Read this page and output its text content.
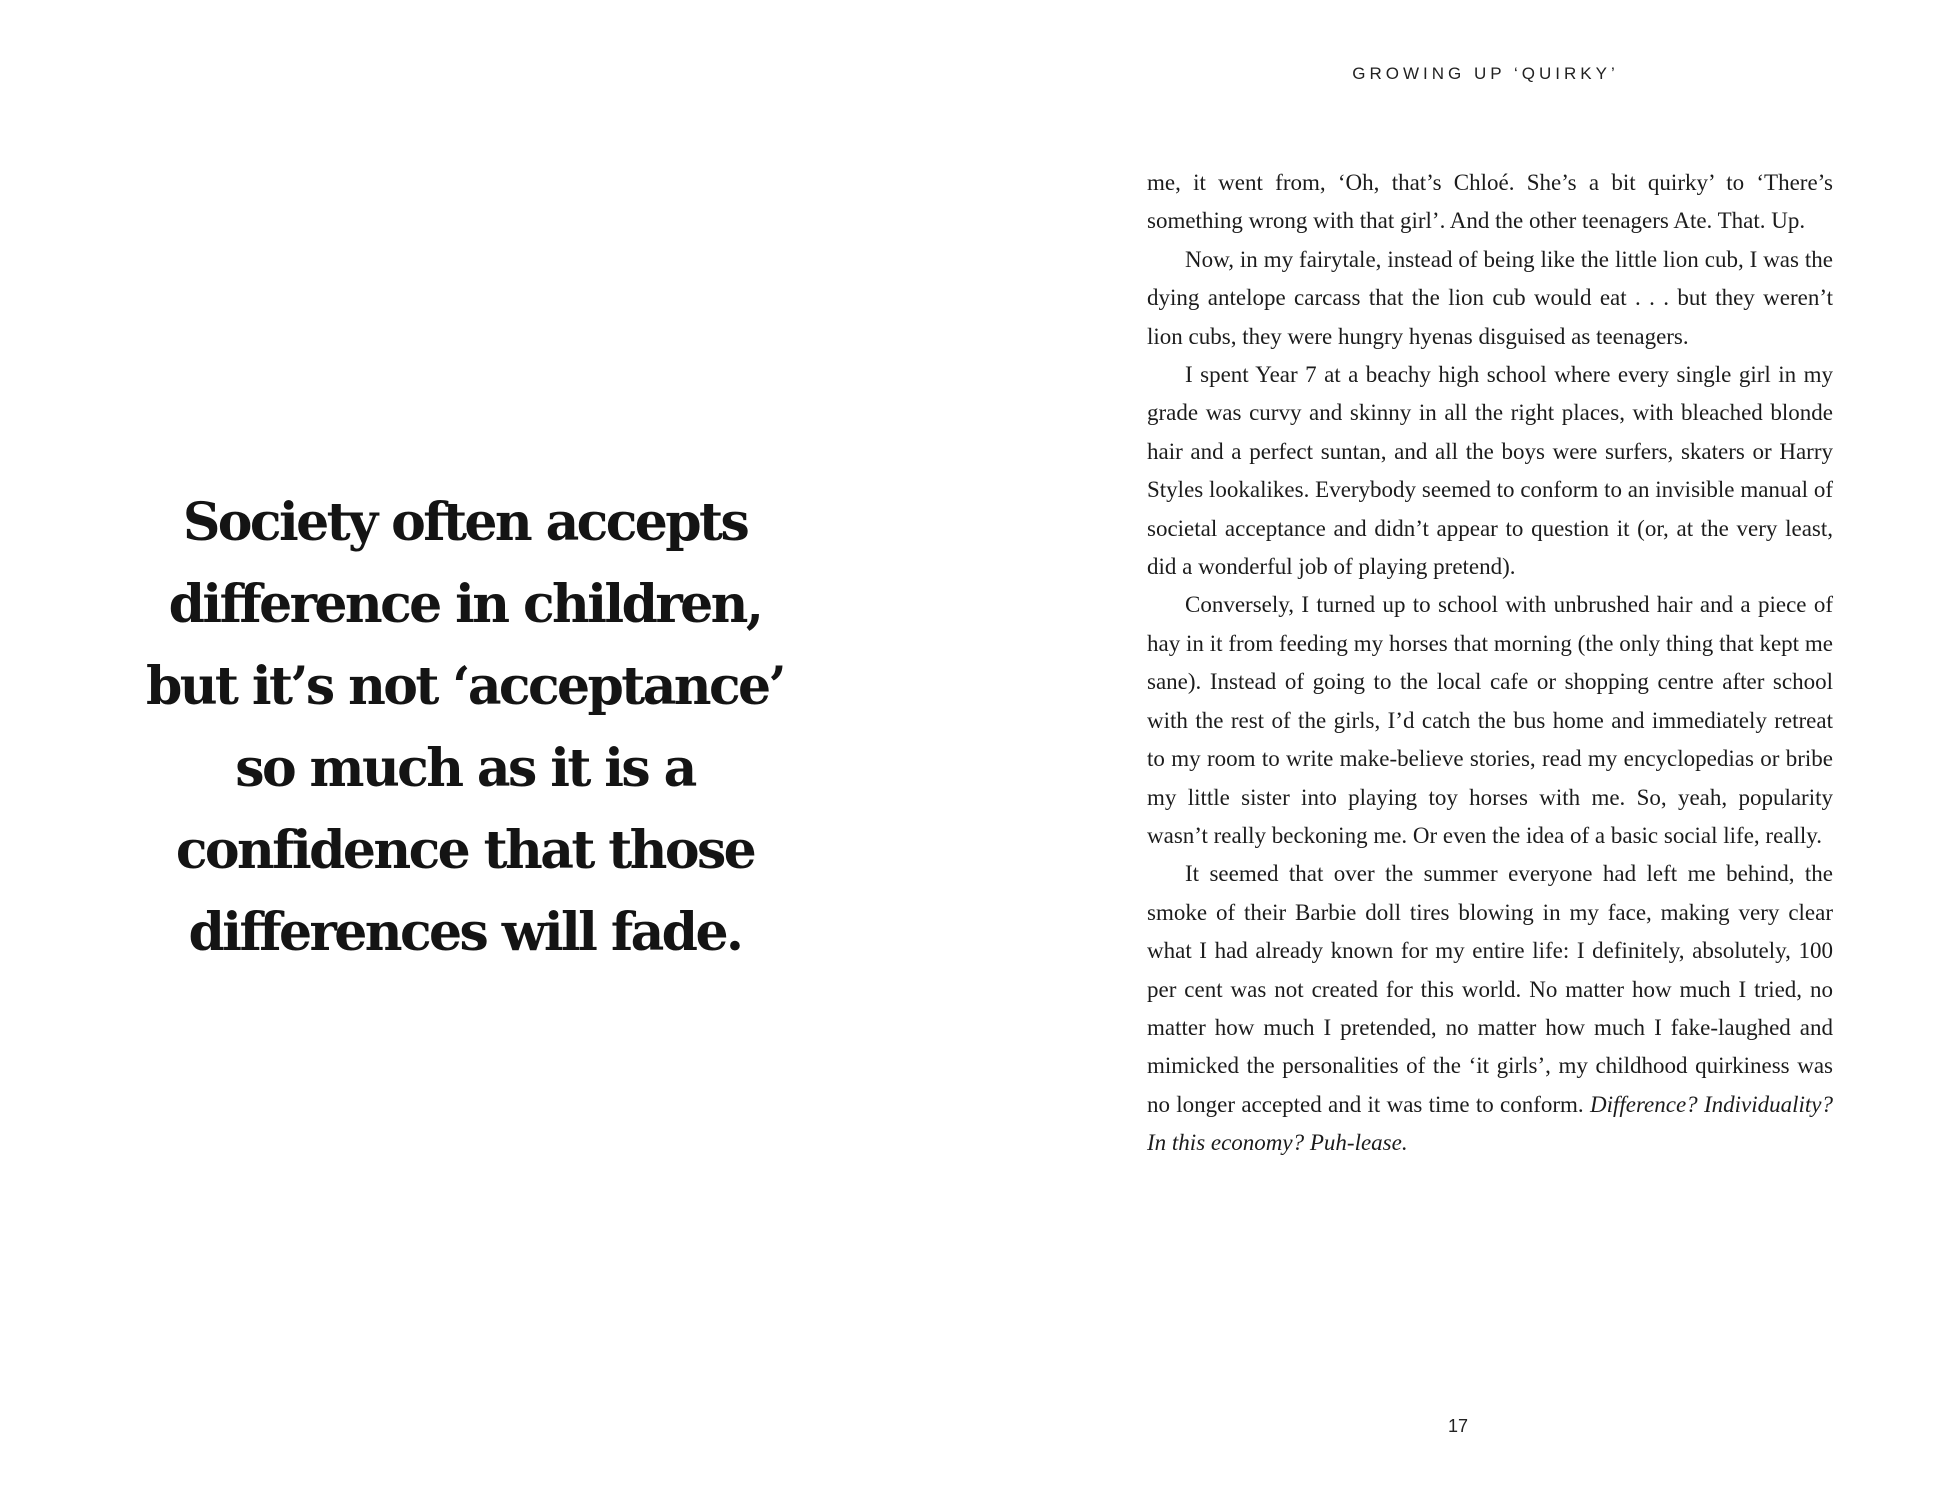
Society often accepts
difference in children,
but it’s not ‘acceptance’
so much as it is a
confidence that those
differences will fade.

GROWING UP ‘QUIRKY’

me, it went from, ‘Oh, that’s Chloé. She’s a bit quirky’ to ‘There’s something wrong with that girl’. And the other teenagers Ate. That. Up.

Now, in my fairytale, instead of being like the little lion cub, I was the dying antelope carcass that the lion cub would eat . . . but they weren’t lion cubs, they were hungry hyenas disguised as teenagers.

I spent Year 7 at a beachy high school where every single girl in my grade was curvy and skinny in all the right places, with bleached blonde hair and a perfect suntan, and all the boys were surfers, skaters or Harry Styles lookalikes. Everybody seemed to conform to an invisible manual of societal acceptance and didn’t appear to question it (or, at the very least, did a wonderful job of playing pretend).

Conversely, I turned up to school with unbrushed hair and a piece of hay in it from feeding my horses that morning (the only thing that kept me sane). Instead of going to the local cafe or shopping centre after school with the rest of the girls, I’d catch the bus home and immediately retreat to my room to write make-believe stories, read my encyclopedias or bribe my little sister into playing toy horses with me. So, yeah, popularity wasn’t really beckoning me. Or even the idea of a basic social life, really.

It seemed that over the summer everyone had left me behind, the smoke of their Barbie doll tires blowing in my face, making very clear what I had already known for my entire life: I definitely, absolutely, 100 per cent was not created for this world. No matter how much I tried, no matter how much I pretended, no matter how much I fake-laughed and mimicked the personalities of the ‘it girls’, my childhood quirkiness was no longer accepted and it was time to conform. Difference? Individuality? In this economy? Puh-lease.

17
